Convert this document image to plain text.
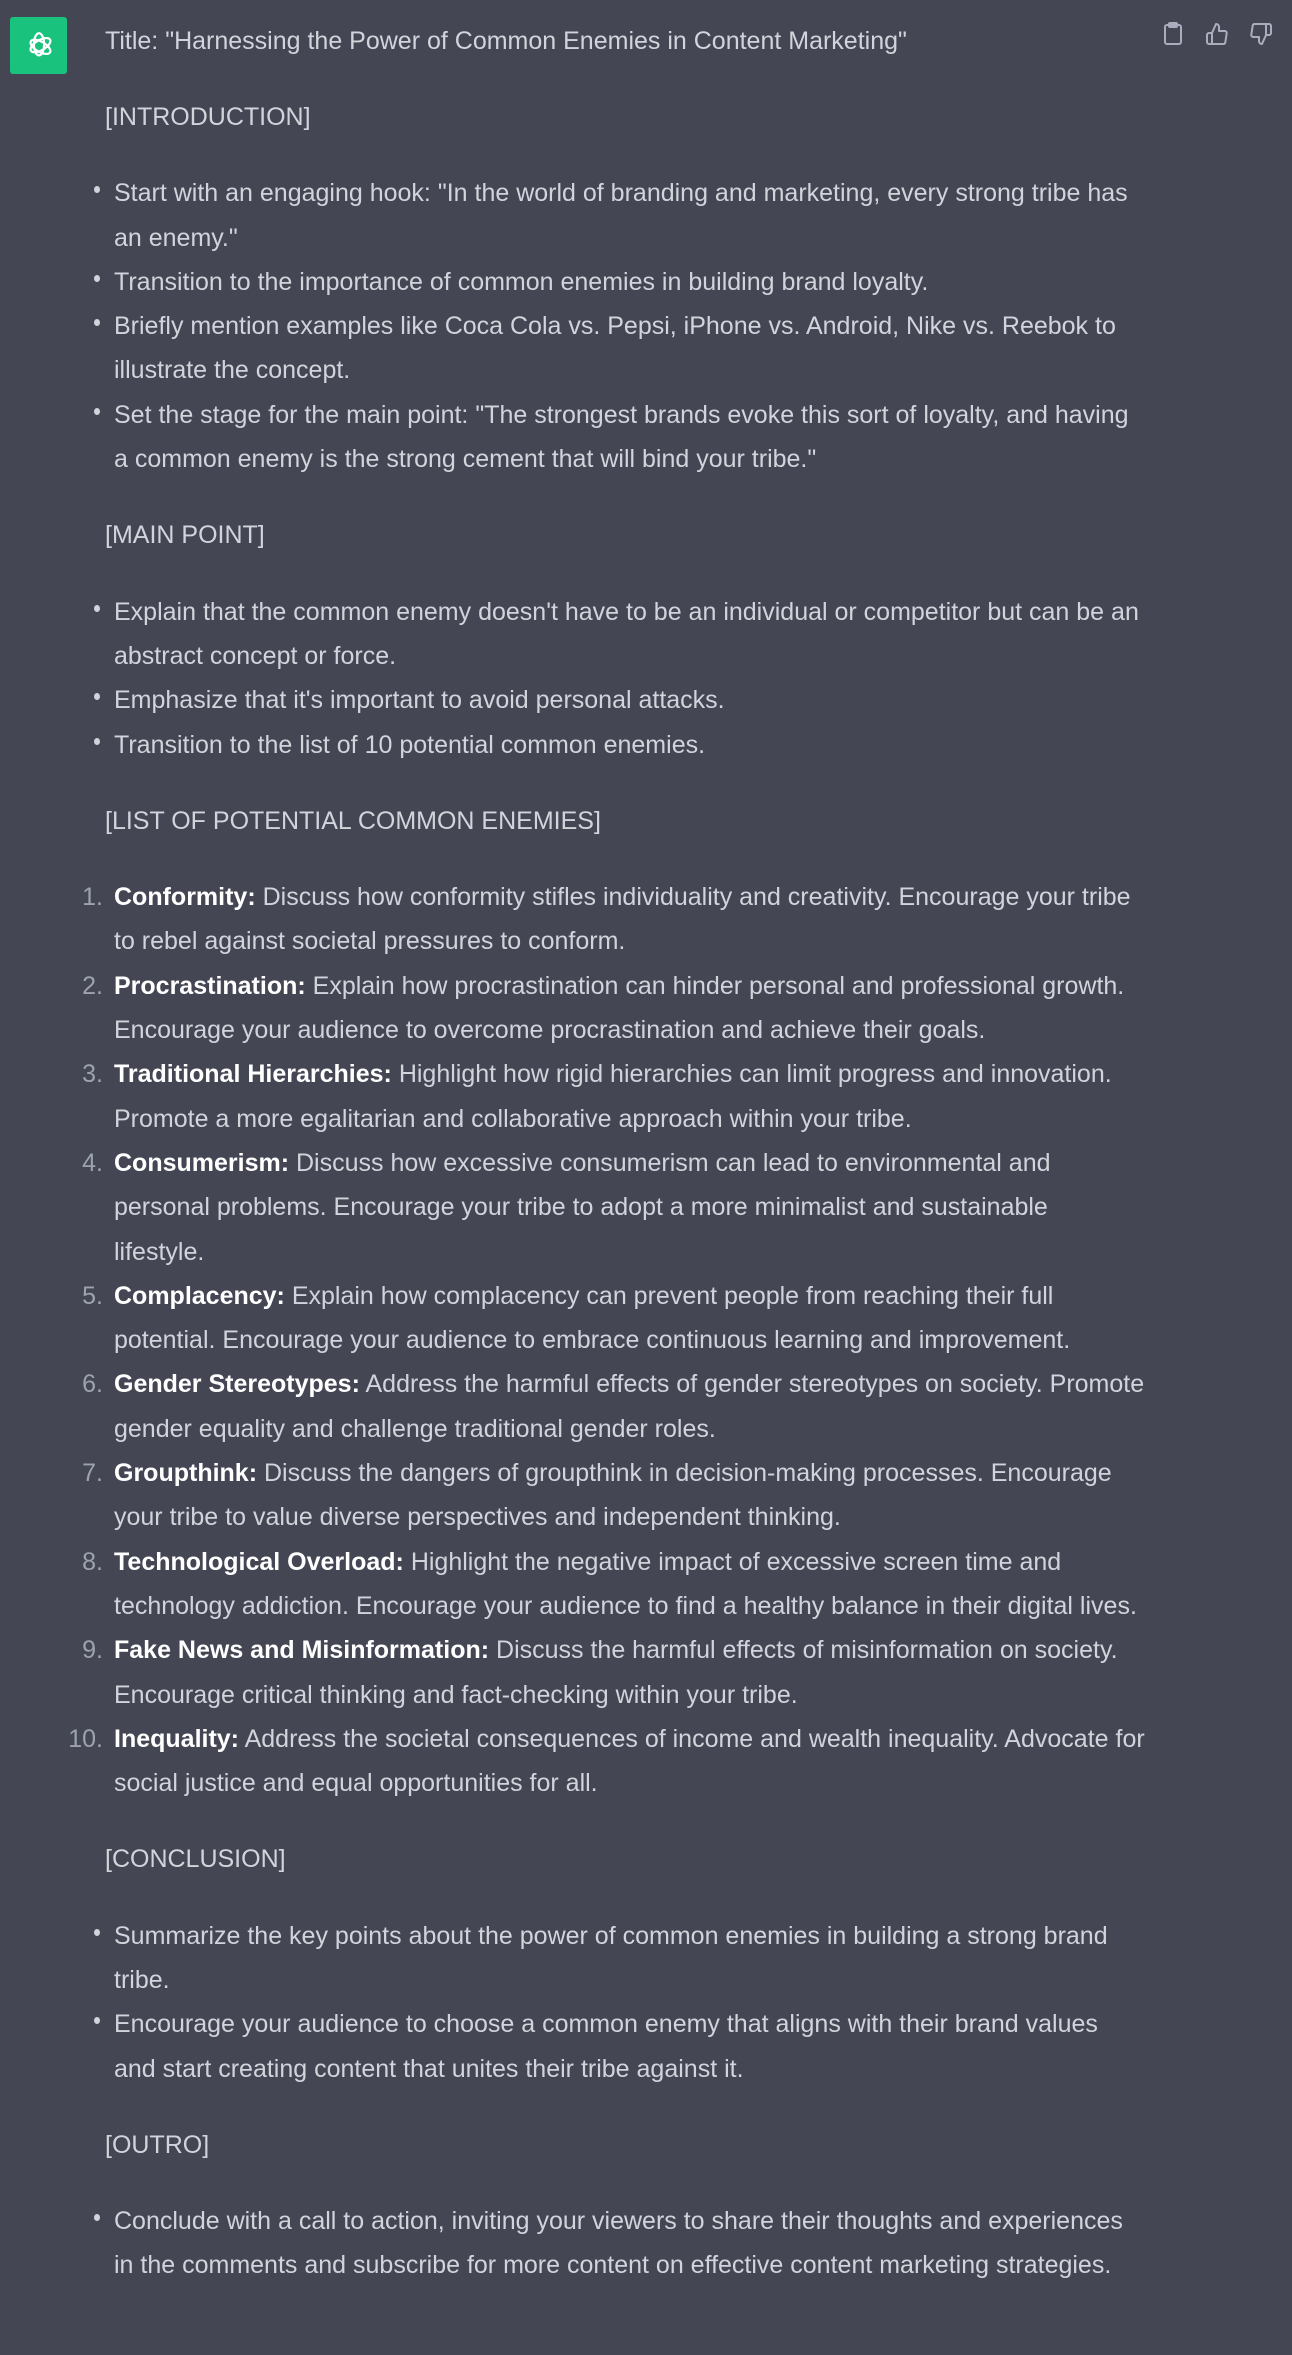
Title: "Harnessing the Power of Common Enemies in Content Marketing"

[INTRODUCTION]

Start with an engaging hook: "In the world of branding and marketing, every strong tribe has an enemy."
Transition to the importance of common enemies in building brand loyalty.
Briefly mention examples like Coca Cola vs. Pepsi, iPhone vs. Android, Nike vs. Reebok to illustrate the concept.
Set the stage for the main point: "The strongest brands evoke this sort of loyalty, and having a common enemy is the strong cement that will bind your tribe."

[MAIN POINT]

Explain that the common enemy doesn't have to be an individual or competitor but can be an abstract concept or force.
Emphasize that it's important to avoid personal attacks.
Transition to the list of 10 potential common enemies.

[LIST OF POTENTIAL COMMON ENEMIES]

1. Conformity: Discuss how conformity stifles individuality and creativity. Encourage your tribe to rebel against societal pressures to conform.
2. Procrastination: Explain how procrastination can hinder personal and professional growth. Encourage your audience to overcome procrastination and achieve their goals.
3. Traditional Hierarchies: Highlight how rigid hierarchies can limit progress and innovation. Promote a more egalitarian and collaborative approach within your tribe.
4. Consumerism: Discuss how excessive consumerism can lead to environmental and personal problems. Encourage your tribe to adopt a more minimalist and sustainable lifestyle.
5. Complacency: Explain how complacency can prevent people from reaching their full potential. Encourage your audience to embrace continuous learning and improvement.
6. Gender Stereotypes: Address the harmful effects of gender stereotypes on society. Promote gender equality and challenge traditional gender roles.
7. Groupthink: Discuss the dangers of groupthink in decision-making processes. Encourage your tribe to value diverse perspectives and independent thinking.
8. Technological Overload: Highlight the negative impact of excessive screen time and technology addiction. Encourage your audience to find a healthy balance in their digital lives.
9. Fake News and Misinformation: Discuss the harmful effects of misinformation on society. Encourage critical thinking and fact-checking within your tribe.
10. Inequality: Address the societal consequences of income and wealth inequality. Advocate for social justice and equal opportunities for all.

[CONCLUSION]

Summarize the key points about the power of common enemies in building a strong brand tribe.
Encourage your audience to choose a common enemy that aligns with their brand values and start creating content that unites their tribe against it.

[OUTRO]

Conclude with a call to action, inviting your viewers to share their thoughts and experiences in the comments and subscribe for more content on effective content marketing strategies.
